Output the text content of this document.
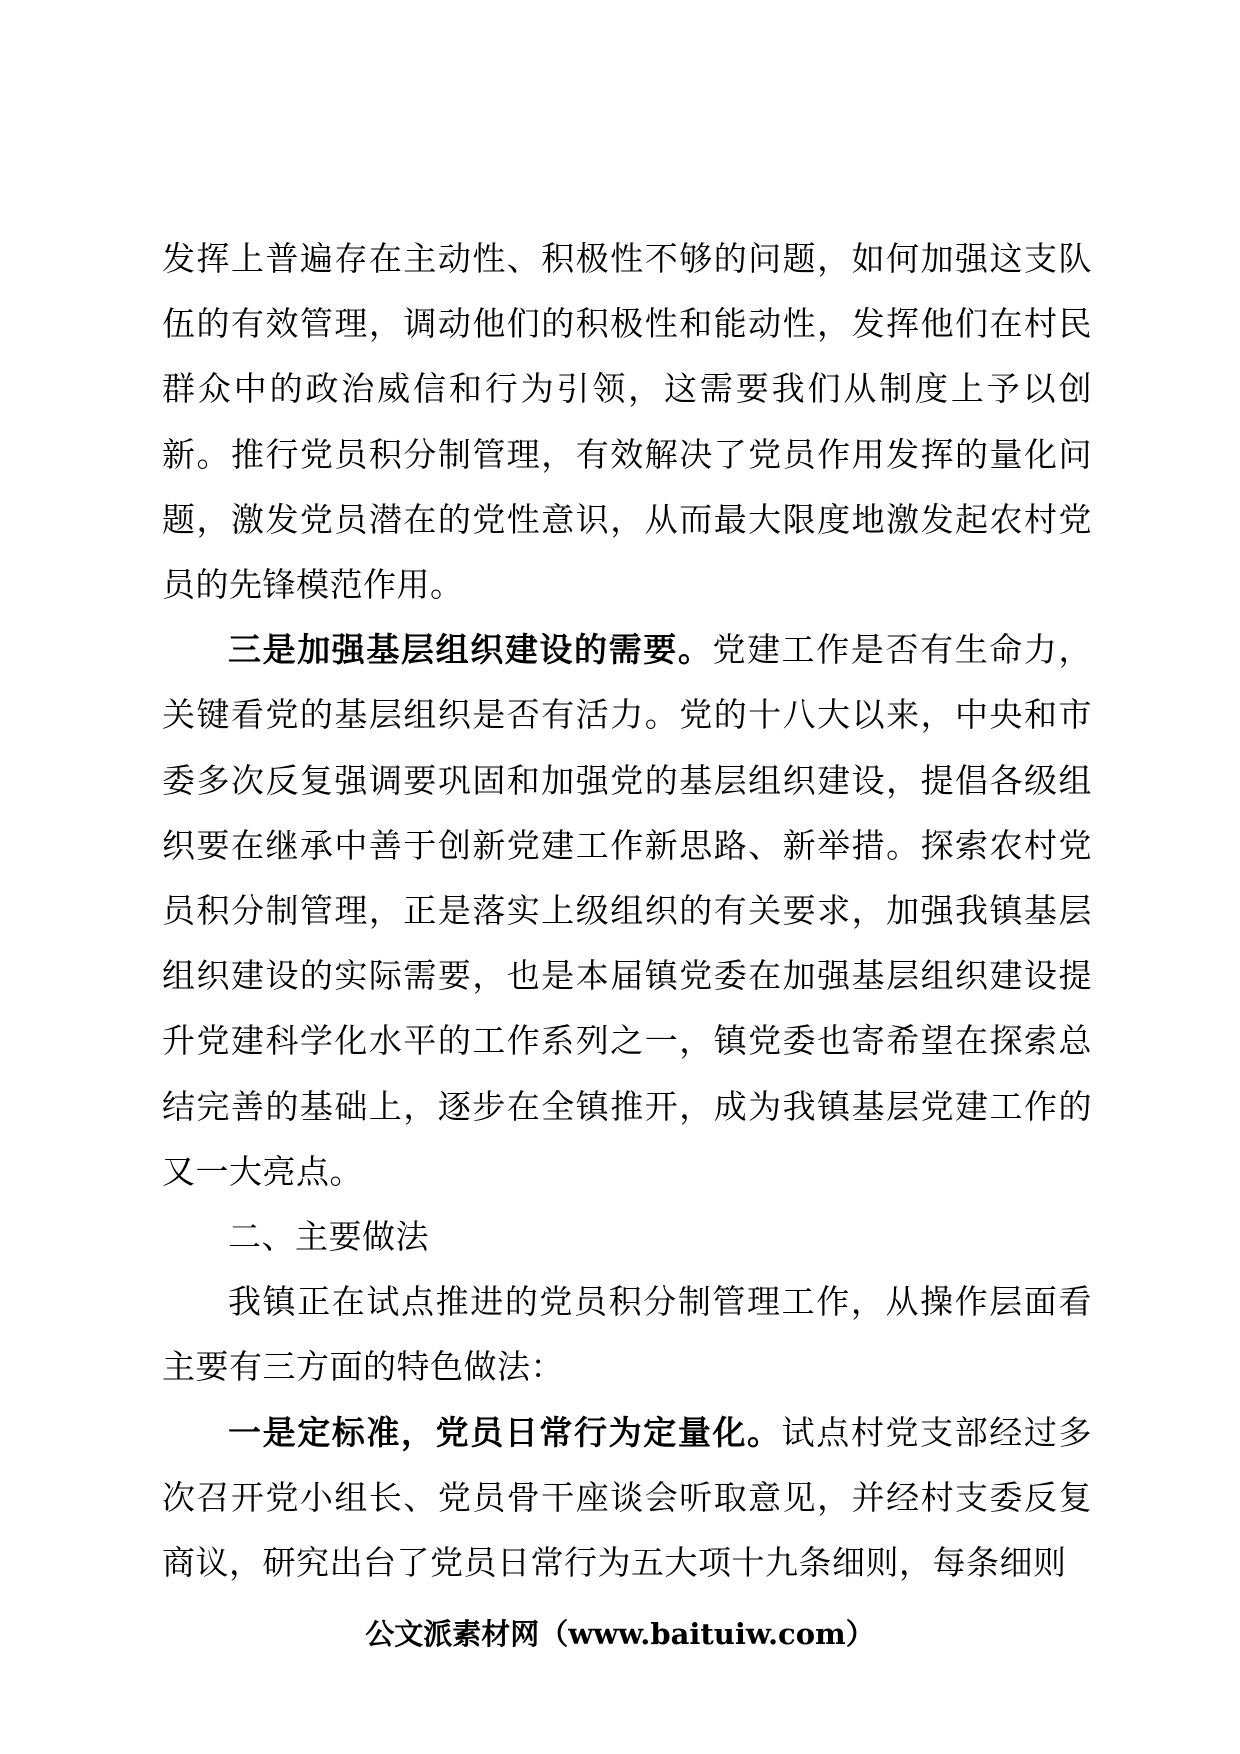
发挥上普遍存在主动性、积极性不够的问题，如何加强这支队伍的有效管理，调动他们的积极性和能动性，发挥他们在村民群众中的政治威信和行为引领，这需要我们从制度上予以创新。推行党员积分制管理，有效解决了党员作用发挥的量化问题，激发党员潜在的党性意识，从而最大限度地激发起农村党员的先锋模范作用。

三是加强基层组织建设的需要。党建工作是否有生命力，关键看党的基层组织是否有活力。党的十八大以来，中央和市委多次反复强调要巩固和加强党的基层组织建设，提倡各级组织要在继承中善于创新党建工作新思路、新举措。探索农村党员积分制管理，正是落实上级组织的有关要求，加强我镇基层组织建设的实际需要，也是本届镇党委在加强基层组织建设提升党建科学化水平的工作系列之一，镇党委也寄希望在探索总结完善的基础上，逐步在全镇推开，成为我镇基层党建工作的又一大亮点。

二、主要做法

我镇正在试点推进的党员积分制管理工作，从操作层面看主要有三方面的特色做法：

一是定标准，党员日常行为定量化。试点村党支部经过多次召开党小组长、党员骨干座谈会听取意见，并经村支委反复商议，研究出台了党员日常行为五大项十九条细则，每条细则

公文派素材网（www.baituiw.com）
